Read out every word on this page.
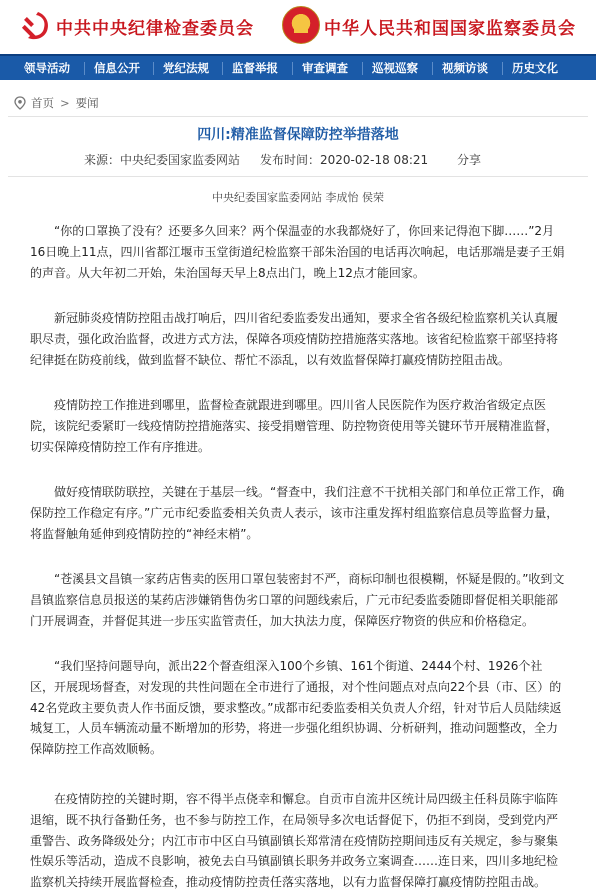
中共中央纪律检查委员会	中华人民共和国国家监察委员会
领导活动 信息公开 党纪法规 监督举报 审查调查 巡视巡察 视频访谈 历史文化
首页 > 要闻
四川:精准监督保障防控举措落地
来源：中央纪委国家监委网站 发布时间：2020-02-18 08:21 分享
中央纪委国家监委网站 李成怡 侯荣

“你的口罩换了没有？还要多久回来？两个保温壶的水我都烧好了，你回来记得泡下脚……”2月16日晚上11点，四川省都江堰市玉堂街道纪检监察干部朱治国的电话再次响起，电话那端是妻子王娟的声音。从大年初二开始，朱治国每天早上8点出门，晚上12点才能回家。

新冠肺炎疫情防控阻击战打响后，四川省纪委监委发出通知，要求全省各级纪检监察机关认真履职尽责，强化政治监督，改进方式方法，保障各项疫情防控措施落实落地。该省纪检监察干部坚持将纪律挺在防疫前线，做到监督不缺位、帮忙不添乱，以有效监督保障打赢疫情防控阻击战。

疫情防控工作推进到哪里，监督检查就跟进到哪里。四川省人民医院作为医疗救治省级定点医院，该院纪委紧盯一线疫情防控措施落实、接受捐赠管理、防控物资使用等关键环节开展精准监督，切实保障疫情防控工作有序推进。

做好疫情联防联控，关键在于基层一线。“督查中，我们注意不干扰相关部门和单位正常工作，确保防控工作稳定有序。”广元市纪委监委相关负责人表示，该市注重发挥村组监察信息员等监督力量，将监督触角延伸到疫情防控的“神经末梢”。

“苍溪县文昌镇一家药店售卖的医用口罩包装密封不严，商标印制也很模糊，怀疑是假的。”收到文昌镇监察信息员报送的某药店涉嫌销售伪劣口罩的问题线索后，广元市纪委监委随即督促相关职能部门开展调查，并督促其进一步压实监管责任，加大执法力度，保障医疗物资的供应和价格稳定。

“我们坚持问题导向，派出22个督查组深入100个乡镇、161个街道、2444个村、1926个社区，开展现场督查，对发现的共性问题在全市进行了通报，对个性问题点对点向22个县（市、区）的42名党政主要负责人作书面反馈，要求整改。”成都市纪委监委相关负责人介绍，针对节后人员陆续返城复工，人员车辆流动量不断增加的形势，将进一步强化组织协调、分析研判，推动问题整改，全力保障防控工作高效顺畅。

在疫情防控的关键时期，容不得半点侥幸和懈怠。自贡市自流井区统计局四级主任科员陈宇临阵退缩，既不执行备勤任务，也不参与防控工作，在局领导多次电话督促下，仍拒不到岗，受到党内严重警告、政务降级处分；内江市市中区白马镇副镇长郑常清在疫情防控期间违反有关规定，参与聚集性娱乐等活动，造成不良影响，被免去白马镇副镇长职务并政务立案调查……连日来，四川多地纪检监察机关持续开展监督检查，推动疫情防控责任落实落地，以有力监督保障打赢疫情防控阻击战。
